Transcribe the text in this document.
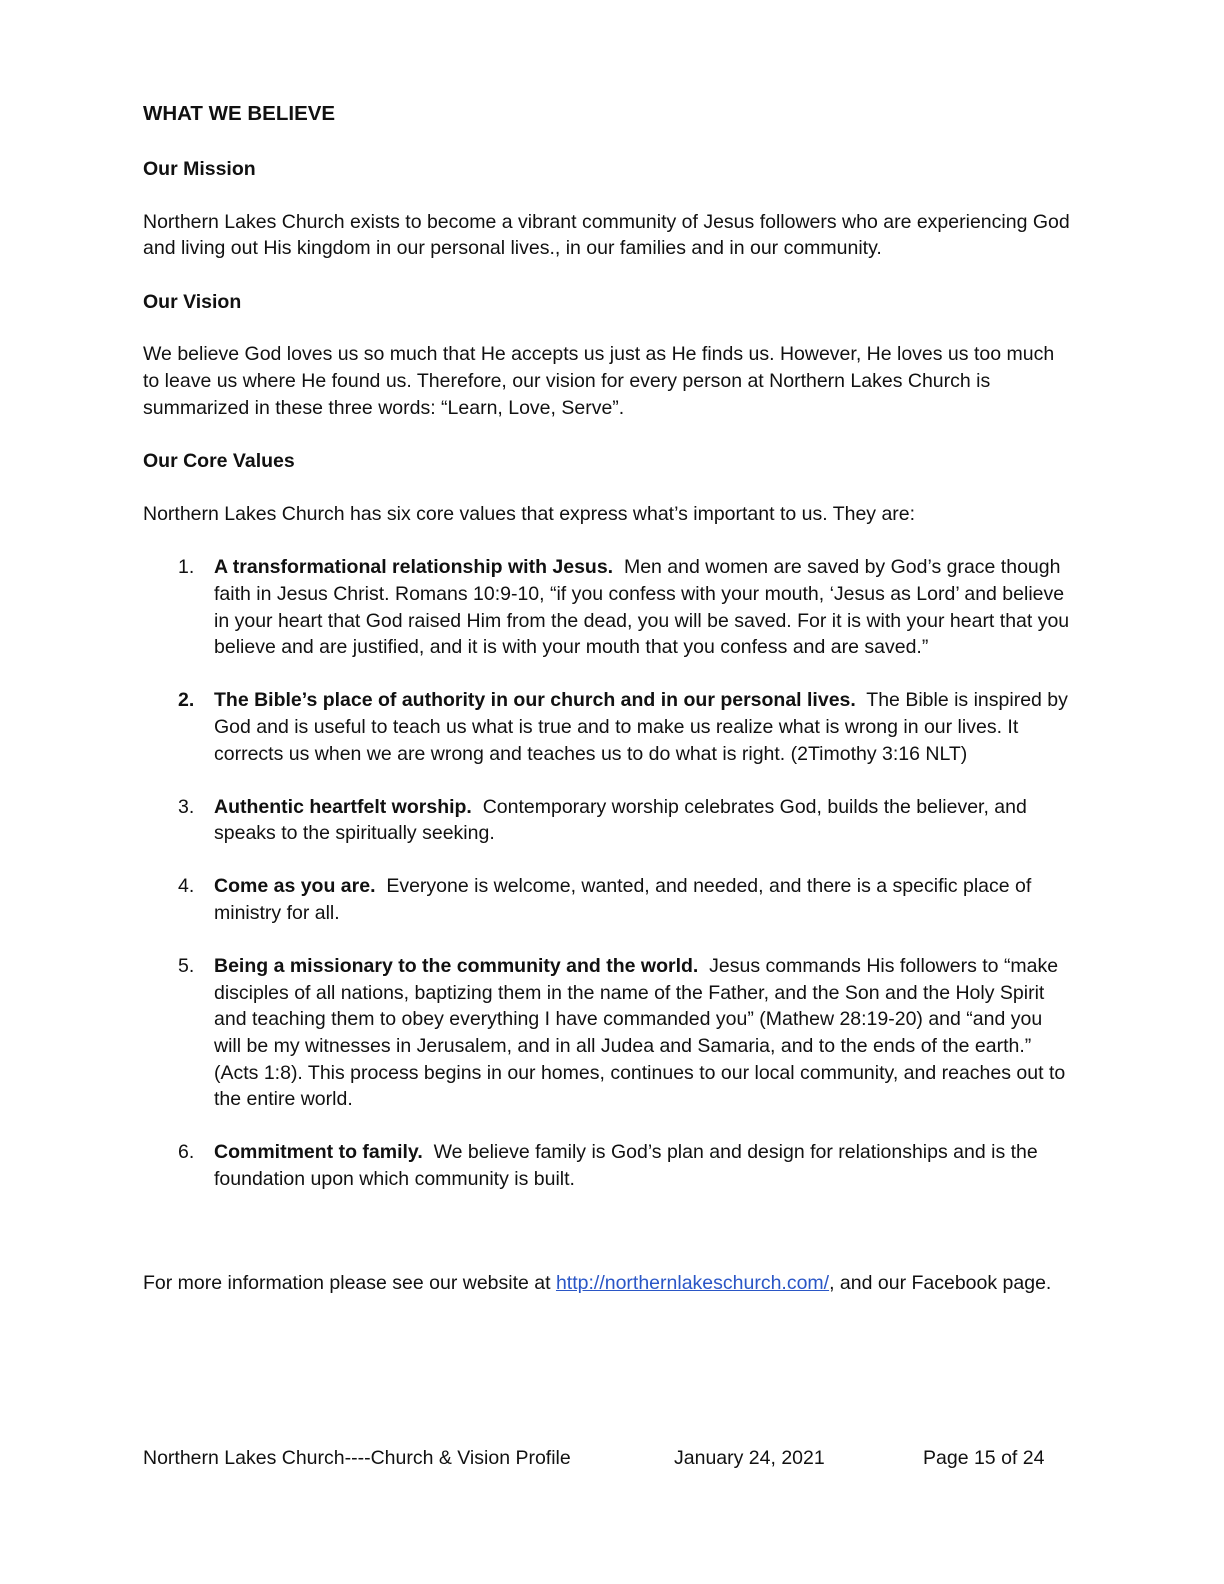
WHAT WE BELIEVE
Our Mission
Northern Lakes Church exists to become a vibrant community of Jesus followers who are experiencing God and living out His kingdom in our personal lives., in our families and in our community.
Our Vision
We believe God loves us so much that He accepts us just as He finds us. However, He loves us too much to leave us where He found us. Therefore, our vision for every person at Northern Lakes Church is summarized in these three words: “Learn, Love, Serve”.
Our Core Values
Northern Lakes Church has six core values that express what’s important to us. They are:
1. A transformational relationship with Jesus. Men and women are saved by God’s grace though faith in Jesus Christ. Romans 10:9-10, “if you confess with your mouth, ‘Jesus as Lord’ and believe in your heart that God raised Him from the dead, you will be saved. For it is with your heart that you believe and are justified, and it is with your mouth that you confess and are saved.”
2. The Bible’s place of authority in our church and in our personal lives. The Bible is inspired by God and is useful to teach us what is true and to make us realize what is wrong in our lives. It corrects us when we are wrong and teaches us to do what is right. (2Timothy 3:16 NLT)
3. Authentic heartfelt worship. Contemporary worship celebrates God, builds the believer, and speaks to the spiritually seeking.
4. Come as you are. Everyone is welcome, wanted, and needed, and there is a specific place of ministry for all.
5. Being a missionary to the community and the world. Jesus commands His followers to “make disciples of all nations, baptizing them in the name of the Father, and the Son and the Holy Spirit and teaching them to obey everything I have commanded you” (Mathew 28:19-20) and “and you will be my witnesses in Jerusalem, and in all Judea and Samaria, and to the ends of the earth.” (Acts 1:8). This process begins in our homes, continues to our local community, and reaches out to the entire world.
6. Commitment to family. We believe family is God’s plan and design for relationships and is the foundation upon which community is built.
For more information please see our website at http://northernlakeschurch.com/, and our Facebook page.
Northern Lakes Church----Church & Vision Profile	January 24, 2021	Page 15 of 24
